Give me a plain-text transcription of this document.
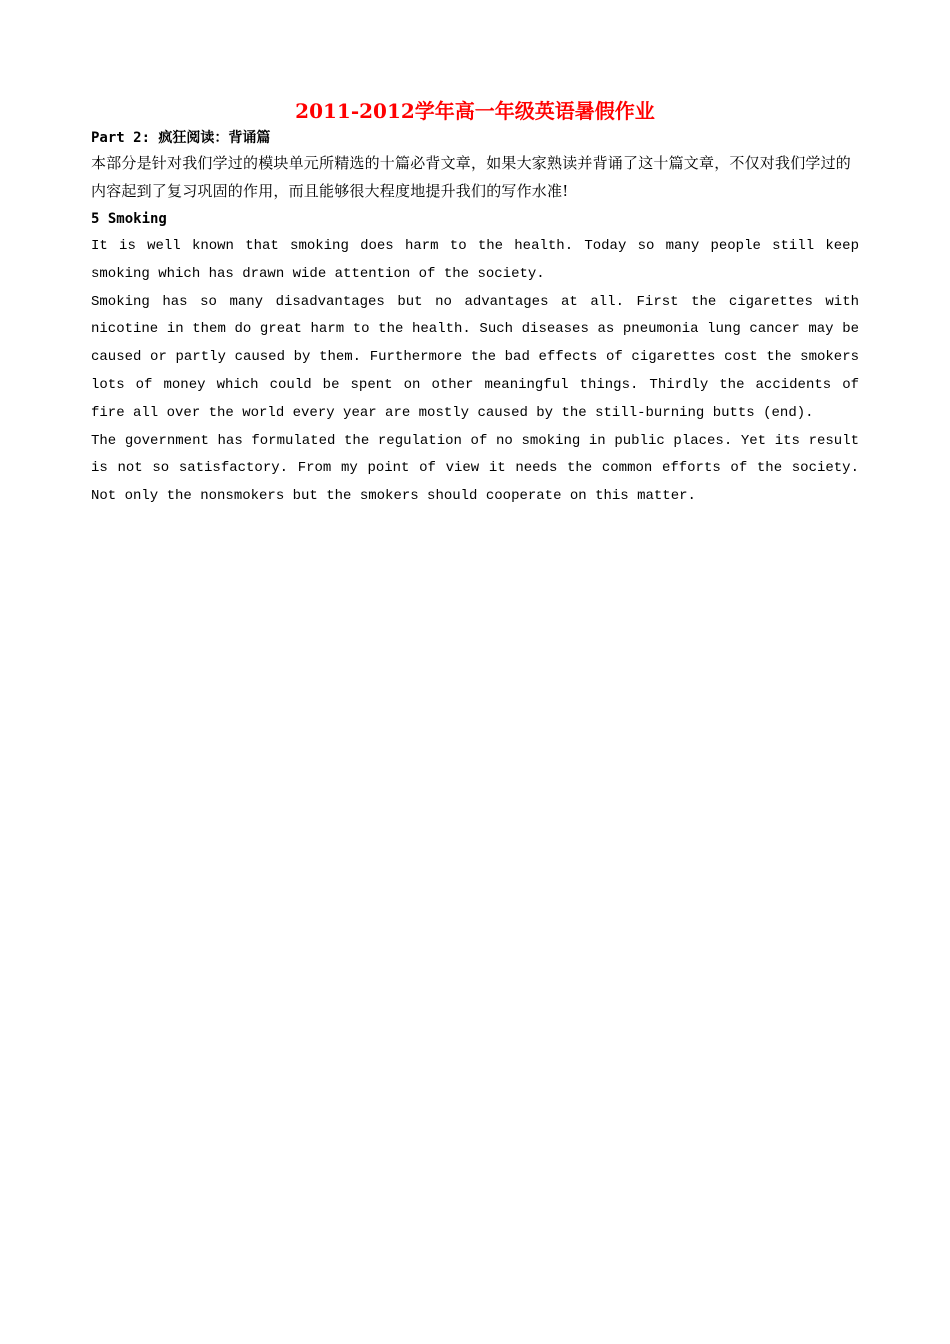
2011-2012学年高一年级英语暑假作业

Part 2: 疯狂阅读：背诵篇

本部分是针对我们学过的模块单元所精选的十篇必背文章，如果大家熟读并背诵了这十篇文章，不仅对我们学过的内容起到了复习巩固的作用，而且能够很大程度地提升我们的写作水准!

5 Smoking

It is well known that smoking does harm to the health. Today so many people still keep smoking which has drawn wide attention of the society.

Smoking has so many disadvantages but no advantages at all. First the cigarettes with nicotine in them do great harm to the health. Such diseases as pneumonia lung cancer may be caused or partly caused by them. Furthermore the bad effects of cigarettes cost the smokers lots of money which could be spent on other meaningful things. Thirdly the accidents of fire all over the world every year are mostly caused by the still-burning butts (end).

The government has formulated the regulation of no smoking in public places. Yet its result is not so satisfactory. From my point of view it needs the common efforts of the society. Not only the nonsmokers but the smokers should cooperate on this matter.
